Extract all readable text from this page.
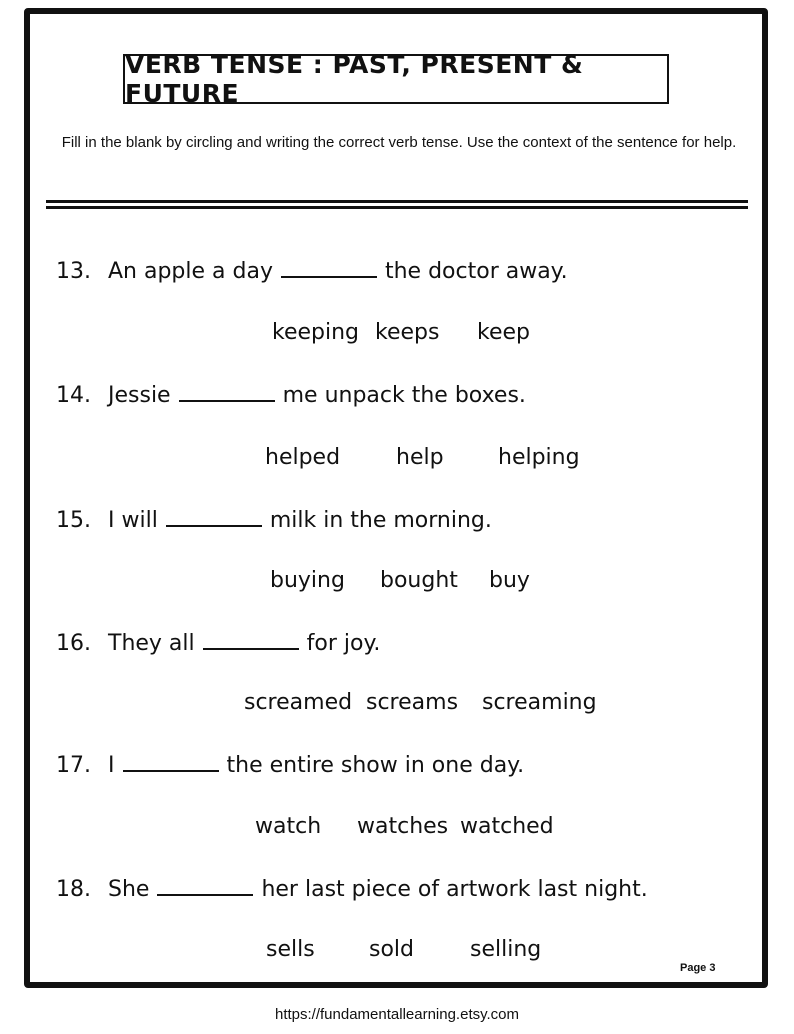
VERB TENSE : PAST, PRESENT & FUTURE
Fill in the blank by circling and writing the correct verb tense. Use the context of the sentence for help.
13. An apple a day	the doctor away.
keeping keeps keep
14. Jessie	me unpack the boxes.
helped	help helping
15. I will	milk in the morning.
buying bought buy
16. They all	for joy.
screamed screams screaming
17. I	the entire show in one day.
watch watches watched
18. She	her last piece of artwork last night.
sells sold	selling
Page 3
https://fundamentallearning.etsy.com
